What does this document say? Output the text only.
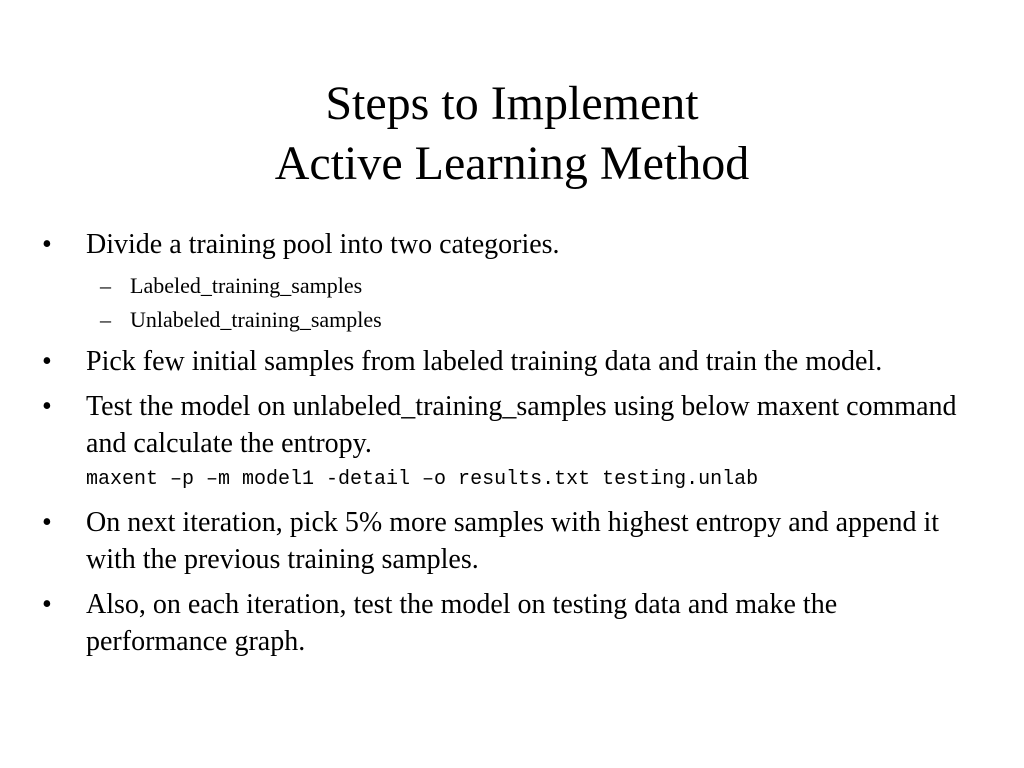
Steps to Implement
Active Learning Method
• Divide a training pool into two categories.
– Labeled_training_samples
– Unlabeled_training_samples
• Pick few initial samples from labeled training data and train the model.
• Test the model on unlabeled_training_samples using below maxent command and calculate the entropy.
maxent –p –m model1 -detail –o results.txt testing.unlab
• On next iteration, pick 5% more samples with highest entropy and append it with the previous training samples.
• Also, on each iteration, test the model on testing data and make the performance graph.
